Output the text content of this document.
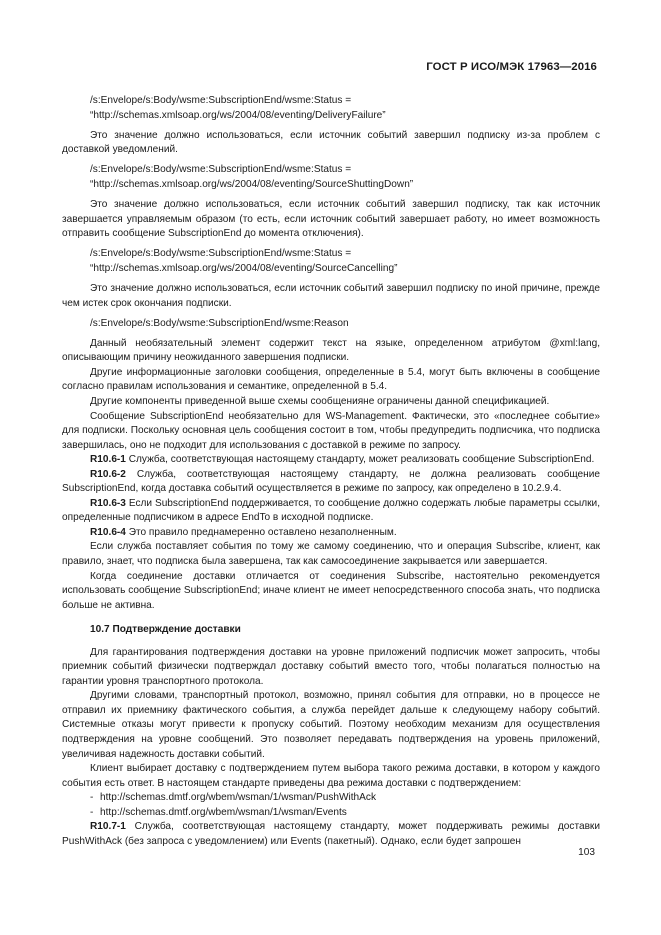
ГОСТ Р ИСО/МЭК 17963—2016

/s:Envelope/s:Body/wsme:SubscriptionEnd/wsme:Status =

“http://schemas.xmlsoap.org/ws/2004/08/eventing/DeliveryFailure”

Это значение должно использоваться, если источник событий завершил подписку из-за проблем с доставкой уведомлений.

/s:Envelope/s:Body/wsme:SubscriptionEnd/wsme:Status =

“http://schemas.xmlsoap.org/ws/2004/08/eventing/SourceShuttingDown”

Это значение должно использоваться, если источник событий завершил подписку, так как источник завершается управляемым образом (то есть, если источник событий завершает работу, но имеет возможность отправить сообщение SubscriptionEnd до момента отключения).

/s:Envelope/s:Body/wsme:SubscriptionEnd/wsme:Status =

“http://schemas.xmlsoap.org/ws/2004/08/eventing/SourceCancelling”

Это значение должно использоваться, если источник событий завершил подписку по иной причине, прежде чем истек срок окончания подписки.

/s:Envelope/s:Body/wsme:SubscriptionEnd/wsme:Reason

Данный необязательный элемент содержит текст на языке, определенном атрибутом @xml:lang, описывающим причину неожиданного завершения подписки.

Другие информационные заголовки сообщения, определенные в 5.4, могут быть включены в сообщение согласно правилам использования и семантике, определенной в 5.4.

Другие компоненты приведенной выше схемы сообщенияне ограничены данной спецификацией.

Сообщение SubscriptionEnd необязательно для WS-Management. Фактически, это «последнее событие» для подписки. Поскольку основная цель сообщения состоит в том, чтобы предупредить подписчика, что подписка завершилась, оно не подходит для использования с доставкой в режиме по запросу.

R10.6-1 Служба, соответствующая настоящему стандарту, может реализовать сообщение SubscriptionEnd.

R10.6-2 Служба, соответствующая настоящему стандарту, не должна реализовать сообщение SubscriptionEnd, когда доставка событий осуществляется в режиме по запросу, как определено в 10.2.9.4.

R10.6-3 Если SubscriptionEnd поддерживается, то сообщение должно содержать любые параметры ссылки, определенные подписчиком в адресе EndTo в исходной подписке.

R10.6-4 Это правило преднамеренно оставлено незаполненным.

Если служба поставляет события по тому же самому соединению, что и операция Subscribe, клиент, как правило, знает, что подписка была завершена, так как самосоединение закрывается или завершается.

Когда соединение доставки отличается от соединения Subscribe, настоятельно рекомендуется использовать сообщение SubscriptionEnd; иначе клиент не имеет непосредственного способа знать, что подписка больше не активна.

10.7 Подтверждение доставки

Для гарантирования подтверждения доставки на уровне приложений подписчик может запросить, чтобы приемник событий физически подтверждал доставку событий вместо того, чтобы полагаться полностью на гарантии уровня транспортного протокола.

Другими словами, транспортный протокол, возможно, принял события для отправки, но в процессе не отправил их приемнику фактического события, а служба перейдет дальше к следующему набору событий. Системные отказы могут привести к пропуску событий. Поэтому необходим механизм для осуществления подтверждения на уровне сообщений. Это позволяет передавать подтверждения на уровень приложений, увеличивая надежность доставки событий.

Клиент выбирает доставку с подтверждением путем выбора такого режима доставки, в котором у каждого события есть ответ. В настоящем стандарте приведены два режима доставки с подтверждением:

- http://schemas.dmtf.org/wbem/wsman/1/wsman/PushWithAck

- http://schemas.dmtf.org/wbem/wsman/1/wsman/Events

R10.7-1 Служба, соответствующая настоящему стандарту, может поддерживать режимы доставки PushWithAck (без запроса с уведомлением) или Events (пакетный). Однако, если будет запрошен

103
